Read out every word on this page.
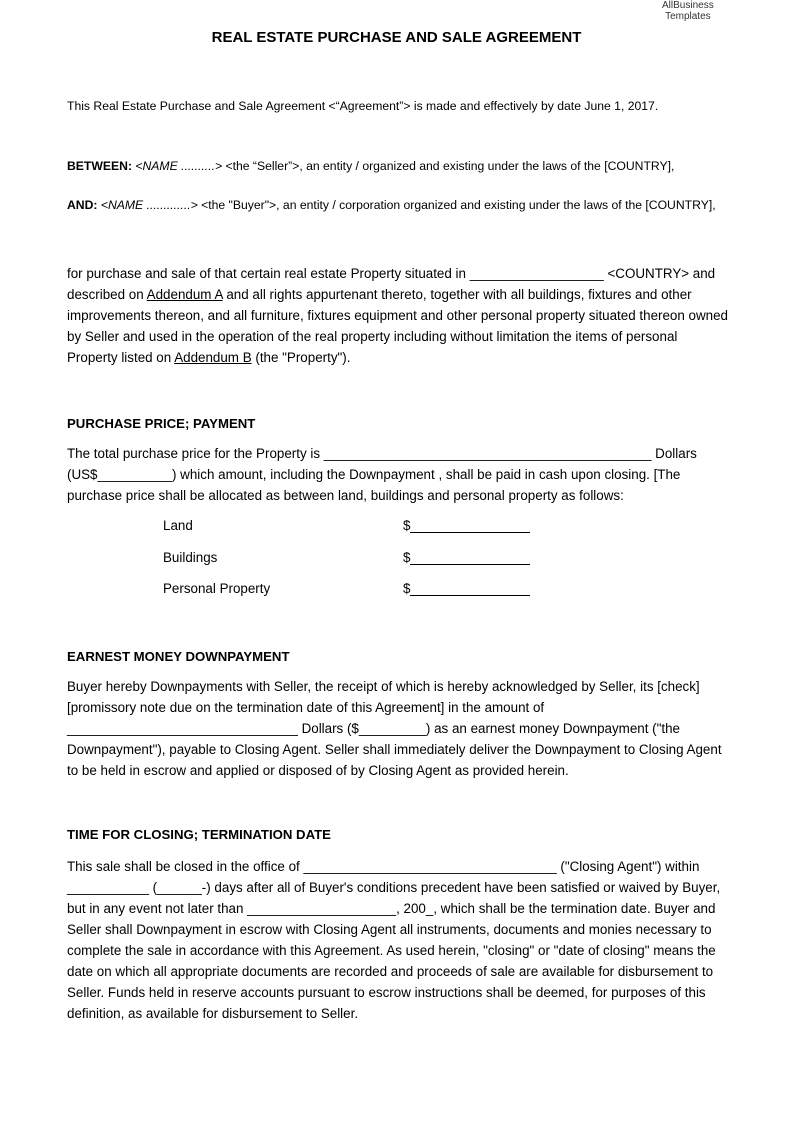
AllBusiness
Templates
REAL ESTATE PURCHASE AND SALE AGREEMENT
This Real Estate Purchase and Sale Agreement <“Agreement”> is made and effectively by date June 1, 2017.
BETWEEN: <NAME ..........> <the “Seller”>, an entity / organized and existing under the laws of the [COUNTRY],
AND: <NAME .............> <the "Buyer">, an entity / corporation organized and existing under the laws of the [COUNTRY],
for purchase and sale of that certain real estate Property situated in __________________ <COUNTRY> and described on Addendum A and all rights appurtenant thereto, together with all buildings, fixtures and other improvements thereon, and all furniture, fixtures equipment and other personal property situated thereon owned by Seller and used in the operation of the real property including without limitation the items of personal Property listed on Addendum B (the "Property").
PURCHASE PRICE; PAYMENT
The total purchase price for the Property is ____________________________________________ Dollars (US$__________) which amount, including the Downpayment , shall be paid in cash upon closing. [The purchase price shall be allocated as between land, buildings and personal property as follows:
Land	$
Buildings	$
Personal Property	$
EARNEST MONEY DOWNPAYMENT
Buyer hereby Downpayments with Seller, the receipt of which is hereby acknowledged by Seller, its [check] [promissory note due on the termination date of this Agreement] in the amount of _______________________________ Dollars ($_________) as an earnest money Downpayment ("the Downpayment"), payable to Closing Agent. Seller shall immediately deliver the Downpayment to Closing Agent to be held in escrow and applied or disposed of by Closing Agent as provided herein.
TIME FOR CLOSING; TERMINATION DATE
This sale shall be closed in the office of __________________________________ ("Closing Agent") within ___________ (______-) days after all of Buyer's conditions precedent have been satisfied or waived by Buyer, but in any event not later than ____________________, 200_, which shall be the termination date. Buyer and Seller shall Downpayment in escrow with Closing Agent all instruments, documents and monies necessary to complete the sale in accordance with this Agreement. As used herein, "closing" or "date of closing" means the date on which all appropriate documents are recorded and proceeds of sale are available for disbursement to Seller. Funds held in reserve accounts pursuant to escrow instructions shall be deemed, for purposes of this definition, as available for disbursement to Seller.
